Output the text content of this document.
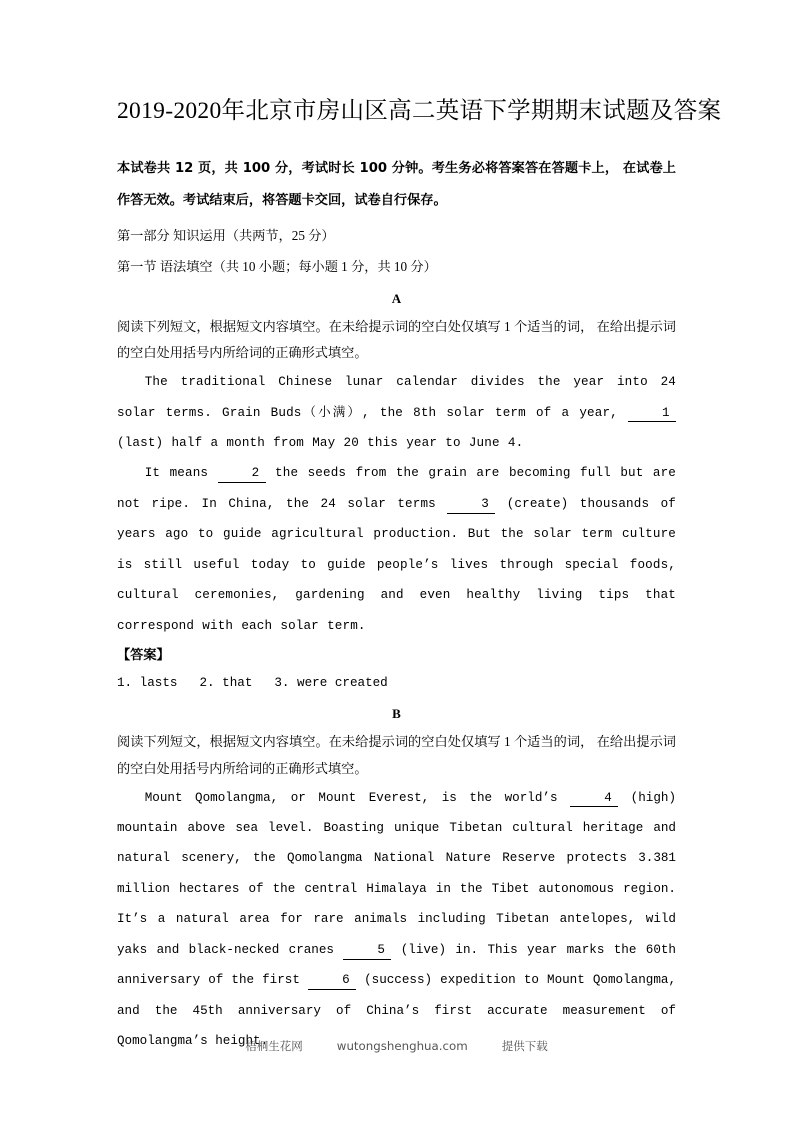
2019-2020年北京市房山区高二英语下学期期末试题及答案

本试卷共 12 页，共 100 分，考试时长 100 分钟。考生务必将答案答在答题卡上， 在试卷上作答无效。考试结束后，将答题卡交回，试卷自行保存。

第一部分 知识运用（共两节，25 分）

第一节 语法填空（共 10 小题；每小题 1 分，共 10 分）

A

阅读下列短文，根据短文内容填空。在未给提示词的空白处仅填写 1 个适当的词， 在给出提示词的空白处用括号内所给词的正确形式填空。

The traditional Chinese lunar calendar divides the year into 24 solar terms. Grain Buds（小满）, the 8th solar term of a year,	1 (last) half a month from May 20 this year to June 4.

It means	2 the seeds from the grain are becoming full but are not ripe. In China, the 24 solar terms	3 (create) thousands of years ago to guide agricultural production. But the solar term culture is still useful today to guide people’s lives through special foods, cultural ceremonies, gardening and even healthy living tips that correspond with each solar term.

【答案】

1. lasts 2. that 3. were created

B

阅读下列短文，根据短文内容填空。在未给提示词的空白处仅填写 1 个适当的词， 在给出提示词的空白处用括号内所给词的正确形式填空。

Mount Qomolangma, or Mount Everest, is the world’s	4 (high) mountain above sea level. Boasting unique Tibetan cultural heritage and natural scenery, the Qomolangma National Nature Reserve protects 3.381 million hectares of the central Himalaya in the Tibet autonomous region. It’s a natural area for rare animals including Tibetan antelopes, wild yaks and black-necked cranes	5 (live) in. This year marks the 60th anniversary of the first	6 (success) expedition to Mount Qomolangma, and the 45th anniversary of China’s first accurate measurement of Qomolangma’s height.

梧桐生花网	wutongshenghua.com	提供下载
